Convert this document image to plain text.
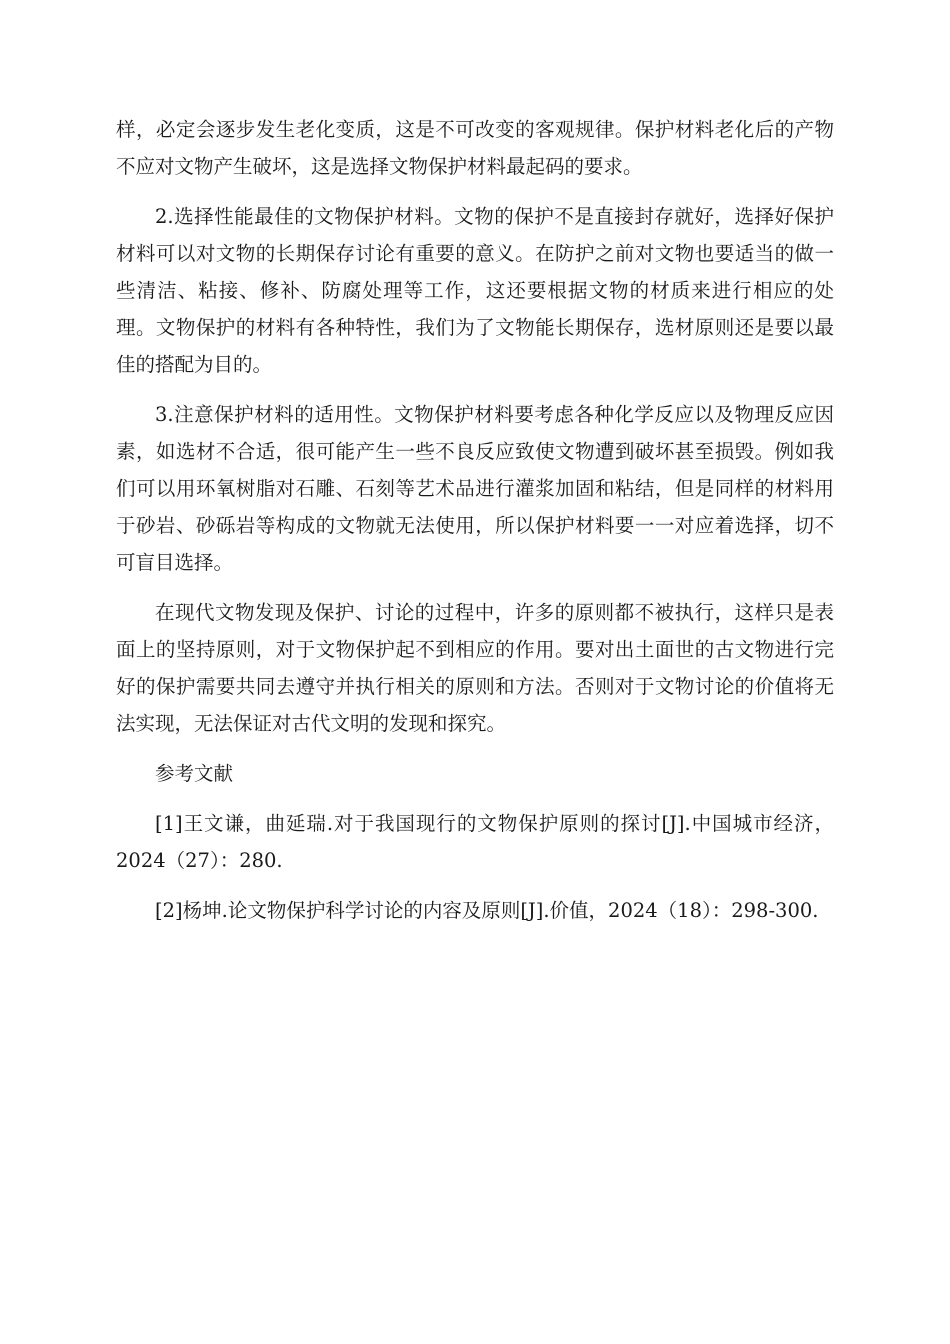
样，必定会逐步发生老化变质，这是不可改变的客观规律。保护材料老化后的产物不应对文物产生破坏，这是选择文物保护材料最起码的要求。

2.选择性能最佳的文物保护材料。文物的保护不是直接封存就好，选择好保护材料可以对文物的长期保存讨论有重要的意义。在防护之前对文物也要适当的做一些清洁、粘接、修补、防腐处理等工作，这还要根据文物的材质来进行相应的处理。文物保护的材料有各种特性，我们为了文物能长期保存，选材原则还是要以最佳的搭配为目的。

3.注意保护材料的适用性。文物保护材料要考虑各种化学反应以及物理反应因素，如选材不合适，很可能产生一些不良反应致使文物遭到破坏甚至损毁。例如我们可以用环氧树脂对石雕、石刻等艺术品进行灌浆加固和粘结，但是同样的材料用于砂岩、砂砾岩等构成的文物就无法使用，所以保护材料要一一对应着选择，切不可盲目选择。

在现代文物发现及保护、讨论的过程中，许多的原则都不被执行，这样只是表面上的坚持原则，对于文物保护起不到相应的作用。要对出土面世的古文物进行完好的保护需要共同去遵守并执行相关的原则和方法。否则对于文物讨论的价值将无法实现，无法保证对古代文明的发现和探究。

参考文献

[1]王文谦，曲延瑞.对于我国现行的文物保护原则的探讨[J].中国城市经济，2024（27）：280.

[2]杨坤.论文物保护科学讨论的内容及原则[J].价值，2024（18）：298-300.
